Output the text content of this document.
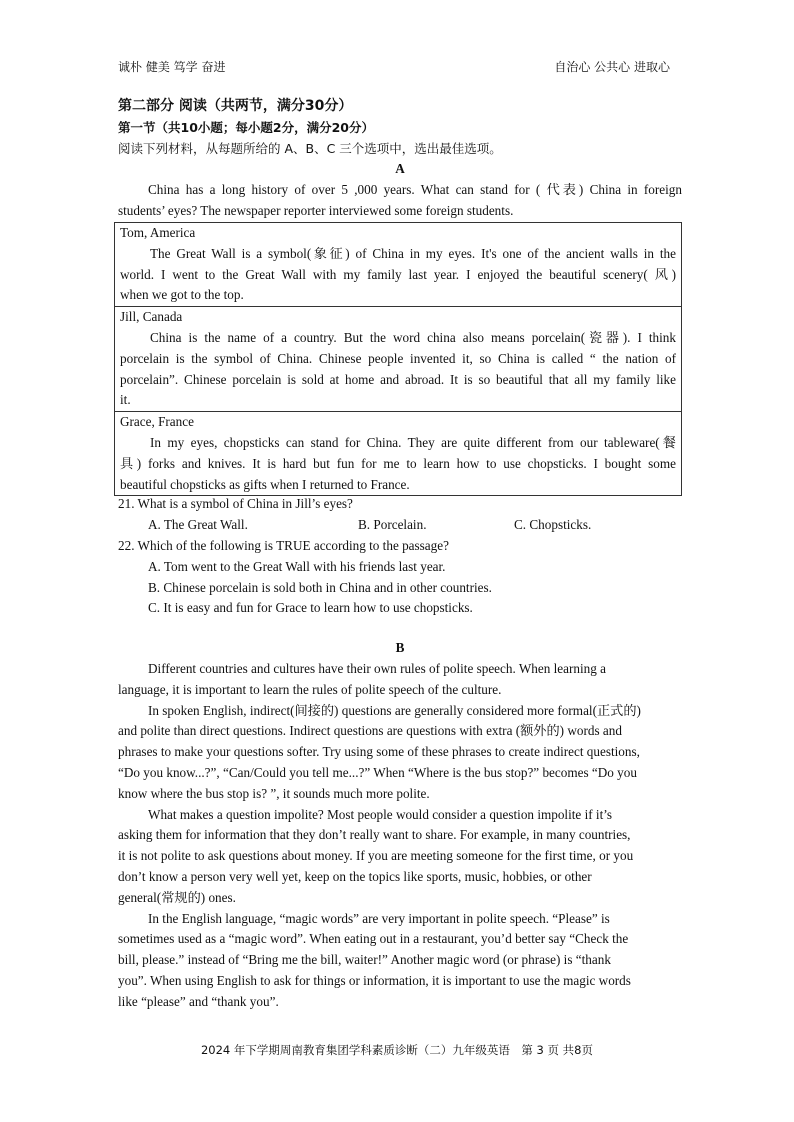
诚朴 健美 笃学 奋进	自治心 公共心 进取心
第二部分 阅读（共两节，满分30分）
第一节（共10小题；每小题2分，满分20分）
阅读下列材料，从每题所给的 A、B、C 三个选项中，选出最佳选项。
A
China has a long history of over 5 ,000 years. What can stand for ( 代表) China in foreign
students’ eyes? The newspaper reporter interviewed some foreign students.
Tom, America
The Great Wall is a symbol(象征) of China in my eyes. It's one of the ancient walls in the
world. I went to the Great Wall with my family last year. I enjoyed the beautiful scenery( 风)
when we got to the top.
Jill, Canada
China is the name of a country. But the word china also means porcelain(瓷器). I think
porcelain is the symbol of China. Chinese people invented it, so China is called “ the nation of
porcelain”. Chinese porcelain is sold at home and abroad. It is so beautiful that all my family like
it.
Grace, France
In my eyes, chopsticks can stand for China. They are quite different from our tableware(餐
具) forks and knives. It is hard but fun for me to learn how to use chopsticks. I bought some
beautiful chopsticks as gifts when I returned to France.
21. What is a symbol of China in Jill’s eyes?
A. The Great Wall.	B. Porcelain.	C. Chopsticks.
22. Which of the following is TRUE according to the passage?
A. Tom went to the Great Wall with his friends last year.
B. Chinese porcelain is sold both in China and in other countries.
C. It is easy and fun for Grace to learn how to use chopsticks.
B
Different countries and cultures have their own rules of polite speech. When learning a
language, it is important to learn the rules of polite speech of the culture.
In spoken English, indirect(间接的) questions are generally considered more formal(正式的)
and polite than direct questions. Indirect questions are questions with extra (额外的) words and
phrases to make your questions softer. Try using some of these phrases to create indirect questions,
“Do you know...?”, “Can/Could you tell me...?” When “Where is the bus stop?” becomes “Do you
know where the bus stop is? ”, it sounds much more polite.
What makes a question impolite? Most people would consider a question impolite if it’s
asking them for information that they don’t really want to share. For example, in many countries,
it is not polite to ask questions about money. If you are meeting someone for the first time, or you
don’t know a person very well yet, keep on the topics like sports, music, hobbies, or other
general(常规的) ones.
In the English language, “magic words” are very important in polite speech. “Please” is
sometimes used as a “magic word”. When eating out in a restaurant, you’d better say “Check the
bill, please.” instead of “Bring me the bill, waiter!” Another magic word (or phrase) is “thank
you”. When using English to ask for things or information, it is important to use the magic words
like “please” and “thank you”.
2024 年下学期周南教育集团学科素质诊断（二）九年级英语　第 3 页 共8页
